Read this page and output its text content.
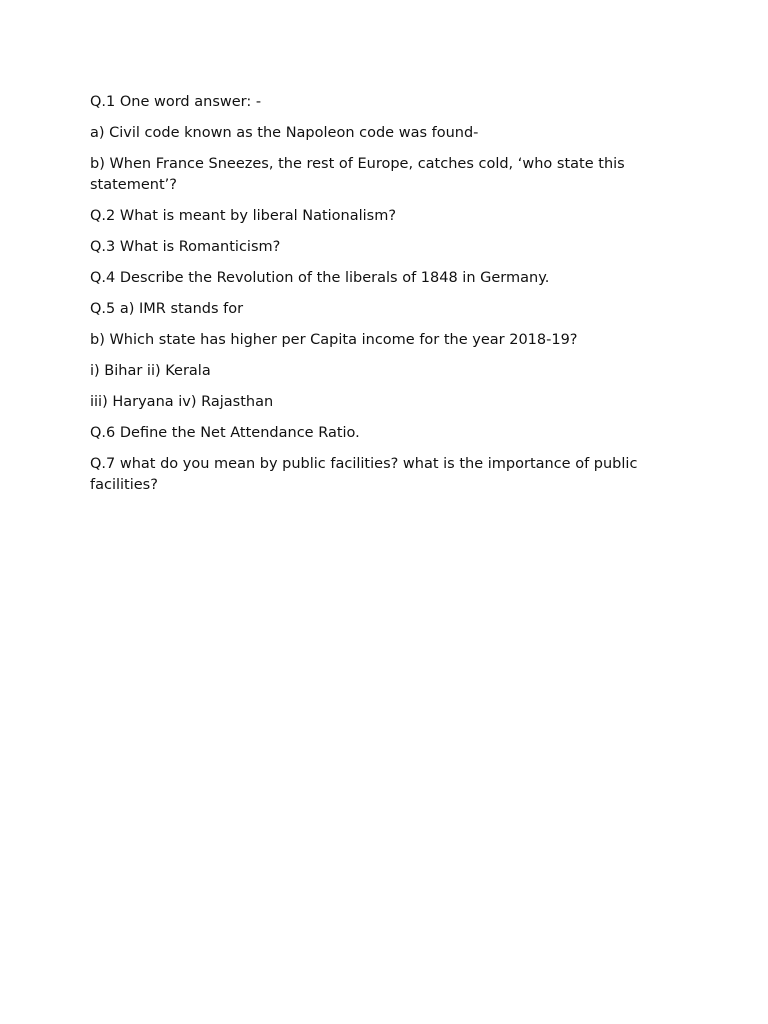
Q.1 One word answer: -

a) Civil code known as the Napoleon code was found-

b) When France Sneezes, the rest of Europe, catches cold, ‘who state this statement’?

Q.2 What is meant by liberal Nationalism?

Q.3 What is Romanticism?

Q.4 Describe the Revolution of the liberals of 1848 in Germany.

Q.5 a) IMR stands for

b) Which state has higher per Capita income for the year 2018-19?

i) Bihar ii) Kerala

iii) Haryana iv) Rajasthan

Q.6 Define the Net Attendance Ratio.

Q.7 what do you mean by public facilities? what is the importance of public facilities?
